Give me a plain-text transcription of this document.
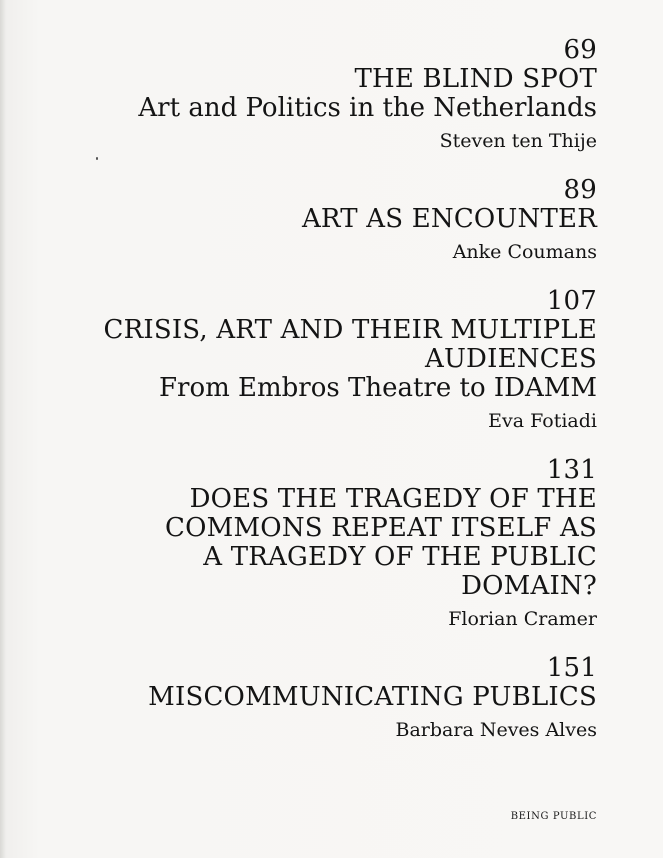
69
THE BLIND SPOT
Art and Politics in the Netherlands
Steven ten Thije
89
ART AS ENCOUNTER
Anke Coumans
107
CRISIS, ART AND THEIR MULTIPLE
AUDIENCES
From Embros Theatre to IDAMM
Eva Fotiadi
131
DOES THE TRAGEDY OF THE
COMMONS REPEAT ITSELF AS
A TRAGEDY OF THE PUBLIC
DOMAIN?
Florian Cramer
151
MISCOMMUNICATING PUBLICS
Barbara Neves Alves
BEING PUBLIC
